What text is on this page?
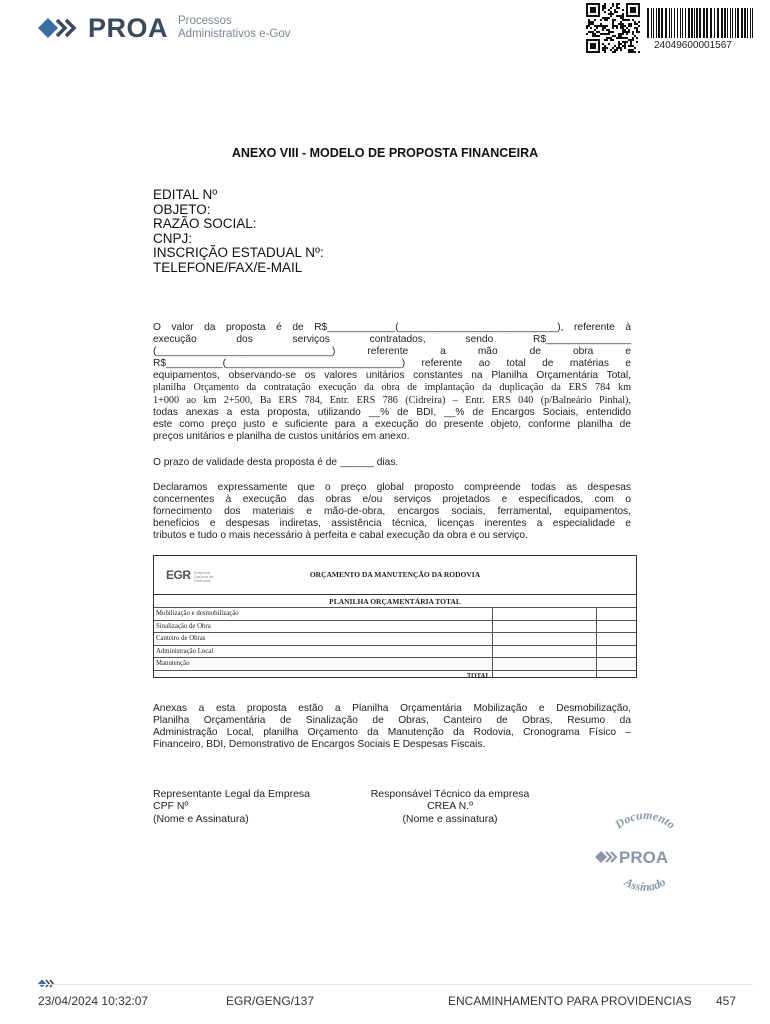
PROA Processos
Administrativos e-Gov
24049600001567
ANEXO VIII - MODELO DE PROPOSTA FINANCEIRA
EDITAL Nº
OBJETO:
RAZÃO SOCIAL:
CNPJ:
INSCRIÇÃO ESTADUAL Nº:
TELEFONE/FAX/E-MAIL
O valor da proposta é de R$____________(____________________________), referente à
execução dos serviços contratados, sendo R$_______________
(_______________________________) referente a mão de obra e
R$__________(_______________________________) referente ao total de matérias e
equipamentos, observando-se os valores unitários constantes na Planilha Orçamentária Total,
planilha Orçamento da contratação execução da obra de implantação da duplicação da ERS 784 km
1+000 ao km 2+500, Ba ERS 784, Entr. ERS 786 (Cidreira) – Entr. ERS 040 (p/Balneário Pinhal),
todas anexas a esta proposta, utilizando __% de BDI, __% de Encargos Sociais, entendido
este como preço justo e suficiente para a execução do presente objeto, conforme planilha de
preços unitários e planilha de custos unitários em anexo.
O prazo de validade desta proposta é de ______ dias.
Declaramos expressamente que o preço global proposto compreende todas as despesas
concernentes à execução das obras e/ou serviços projetados e especificados, com o
fornecimento dos materiais e mão-de-obra, encargos sociais, ferramental, equipamentos,
benefícios e despesas indiretas, assistência técnica, licenças inerentes a especialidade e
tributos e tudo o mais necessário à perfeita e cabal execução da obra e ou serviço.
EGR Empresa Gaúcha de Rodovias
ORÇAMENTO DA MANUTENÇÃO DA RODOVIA
PLANILHA ORÇAMENTÁRIA TOTAL
Mobilização e desmobilização
Sinalização de Obra
Canteiro de Obras
Administração Local
Manutenção
TOTAL
Anexas a esta proposta estão a Planilha Orçamentária Mobilização e Desmobilização,
Planilha Orçamentária de Sinalização de Obras, Canteiro de Obras, Resumo da
Administração Local, planilha Orçamento da Manutenção da Rodovia, Cronograma Físico –
Financeiro, BDI, Demonstrativo de Encargos Sociais E Despesas Fiscais.
Representante Legal da Empresa
CPF Nº
(Nome e Assinatura)
Responsável Técnico da empresa
CREA N.º
(Nome e assinatura)	Documento
Assinado
PROA
23/04/2024 10:32:07	EGR/GENG/137	ENCAMINHAMENTO PARA PROVIDENCIAS 457
